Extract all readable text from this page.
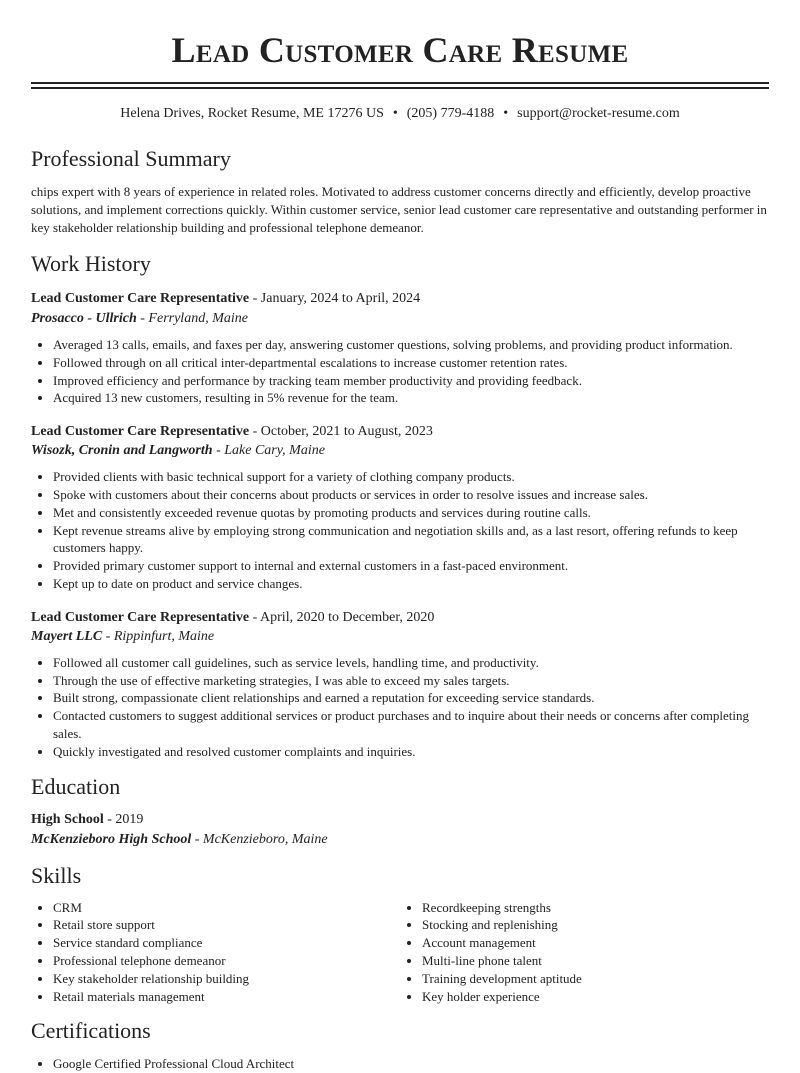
Lead Customer Care Resume
Helena Drives, Rocket Resume, ME 17276 US • (205) 779-4188 • support@rocket-resume.com
Professional Summary

chips expert with 8 years of experience in related roles. Motivated to address customer concerns directly and efficiently, develop proactive solutions, and implement corrections quickly. Within customer service, senior lead customer care representative and outstanding performer in key stakeholder relationship building and professional telephone demeanor.

Work History

Lead Customer Care Representative - January, 2024 to April, 2024

Prosacco - Ullrich - Ferryland, Maine

• Averaged 13 calls, emails, and faxes per day, answering customer questions, solving problems, and providing product information.
• Followed through on all critical inter-departmental escalations to increase customer retention rates.
• Improved efficiency and performance by tracking team member productivity and providing feedback.
• Acquired 13 new customers, resulting in 5% revenue for the team.

Lead Customer Care Representative - October, 2021 to August, 2023

Wisozk, Cronin and Langworth - Lake Cary, Maine

• Provided clients with basic technical support for a variety of clothing company products.
• Spoke with customers about their concerns about products or services in order to resolve issues and increase sales.
• Met and consistently exceeded revenue quotas by promoting products and services during routine calls.
• Kept revenue streams alive by employing strong communication and negotiation skills and, as a last resort, offering refunds to keep customers happy.
• Provided primary customer support to internal and external customers in a fast-paced environment.
• Kept up to date on product and service changes.

Lead Customer Care Representative - April, 2020 to December, 2020

Mayert LLC - Rippinfurt, Maine

• Followed all customer call guidelines, such as service levels, handling time, and productivity.
• Through the use of effective marketing strategies, I was able to exceed my sales targets.
• Built strong, compassionate client relationships and earned a reputation for exceeding service standards.
• Contacted customers to suggest additional services or product purchases and to inquire about their needs or concerns after completing sales.
• Quickly investigated and resolved customer complaints and inquiries.
Education

High School - 2019

McKenzieboro High School - McKenzieboro, Maine

Skills
• CRM
• Retail store support
• Service standard compliance
• Professional telephone demeanor
• Key stakeholder relationship building
• Retail materials management
• Recordkeeping strengths
• Stocking and replenishing
• Account management
• Multi-line phone talent
• Training development aptitude
• Key holder experience
Certifications
• Google Certified Professional Cloud Architect
